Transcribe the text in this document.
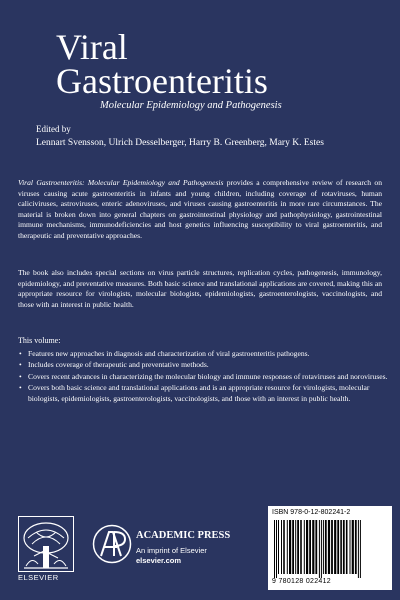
Viral
Gastroenteritis
Molecular Epidemiology and Pathogenesis
Edited by
Lennart Svensson, Ulrich Desselberger, Harry B. Greenberg, Mary K. Estes

Viral Gastroenteritis: Molecular Epidemiology and Pathogenesis provides a comprehensive review of research on viruses causing acute gastroenteritis in infants and young children, including coverage of rotaviruses, human caliciviruses, astroviruses, enteric adenoviruses, and viruses causing gastroenteritis in more rare circumstances. The material is broken down into general chapters on gastrointestinal physiology and pathophysiology, gastrointestinal immune mechanisms, immunodeficiencies and host genetics influencing susceptibility to viral gastroenteritis, and therapeutic and preventative approaches.

The book also includes special sections on virus particle structures, replication cycles, pathogenesis, immunology, epidemiology, and preventative measures. Both basic science and translational applications are covered, making this an appropriate resource for virologists, molecular biologists, epidemiologists, gastroenterologists, vaccinologists, and those with an interest in public health.

This volume:

• Features new approaches in diagnosis and characterization of viral gastroenteritis pathogens.
• Includes coverage of therapeutic and preventative methods.
• Covers recent advances in characterizing the molecular biology and immune responses of rotaviruses and noroviruses.
• Covers both basic science and translational applications and is an appropriate resource for virologists, molecular biologists, epidemiologists, gastroenterologists, vaccinologists, and those with an interest in public health.
ELSEVIER
ACADEMIC PRESS
An imprint of Elsevier
elsevier.com
ISBN 978-0-12-802241-2
9 780128 022412
